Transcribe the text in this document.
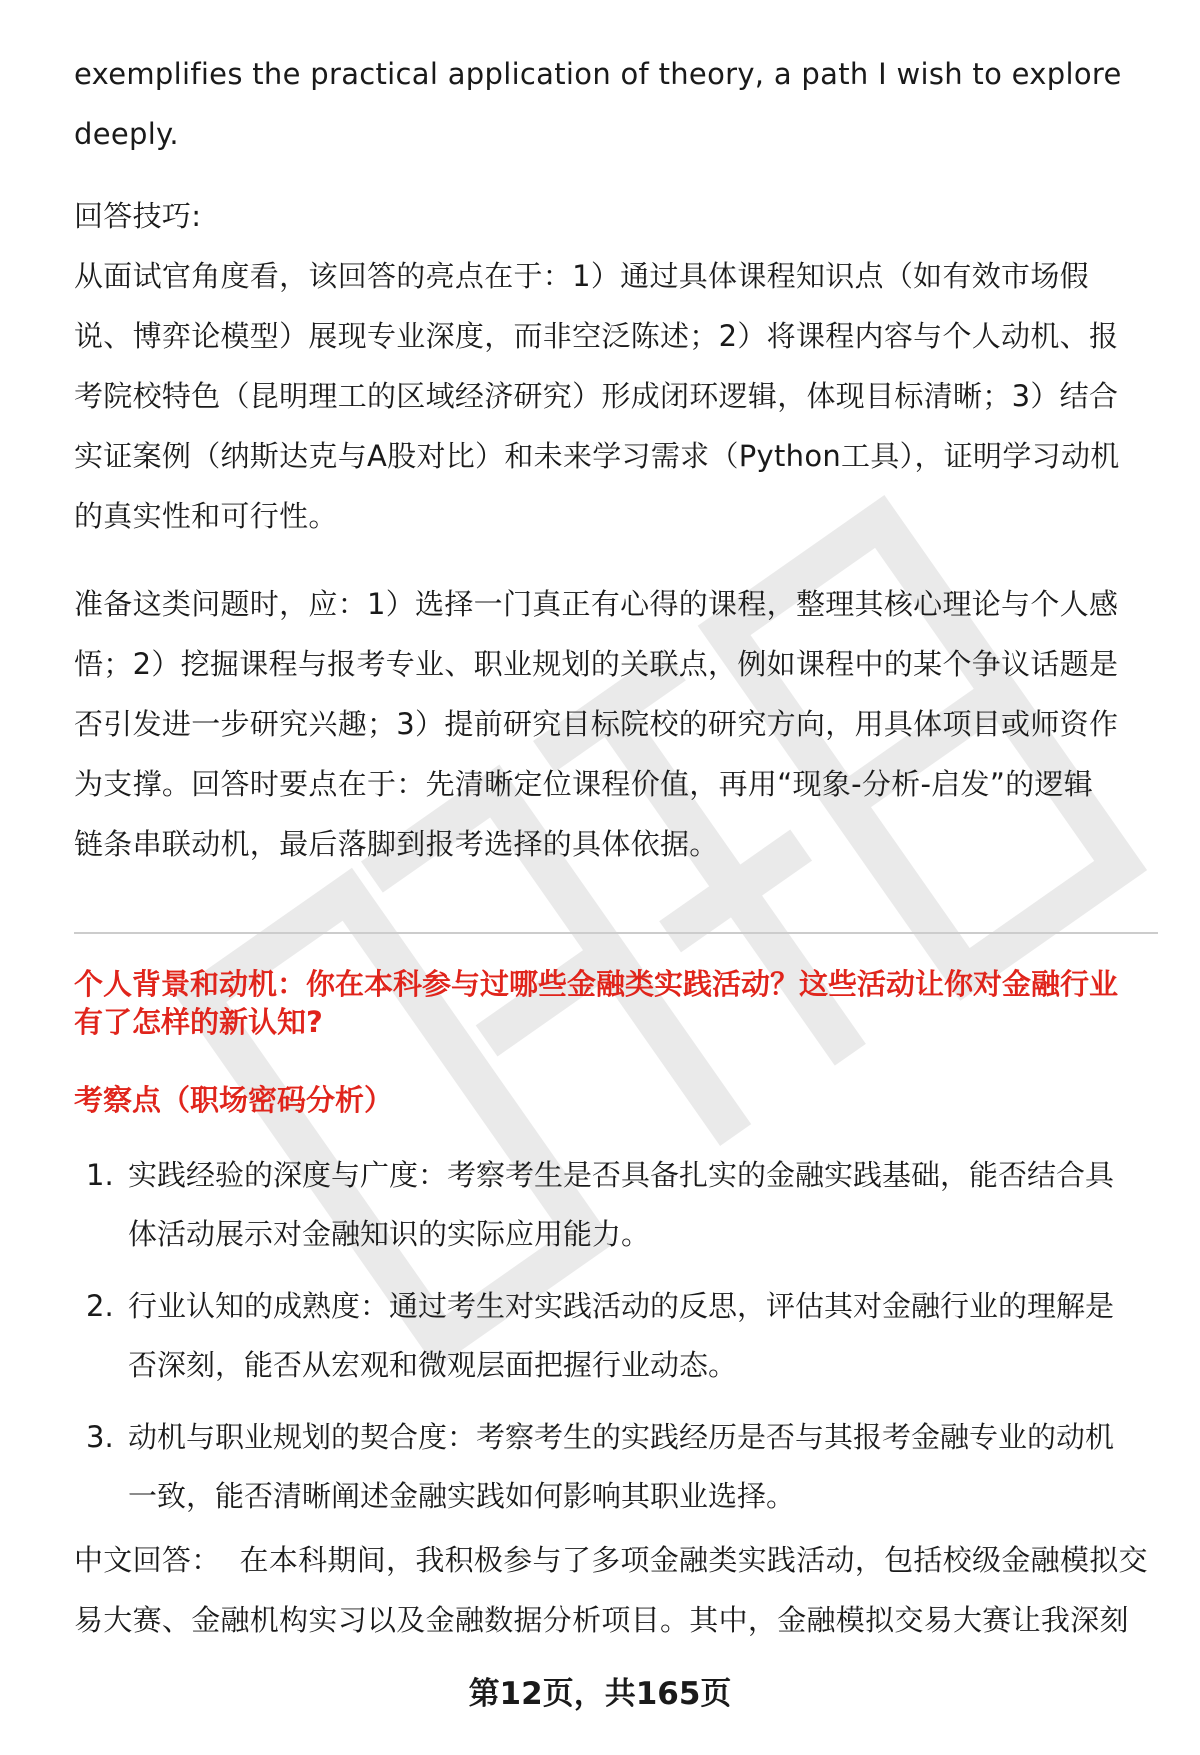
exemplifies the practical application of theory, a path I wish to explore

deeply.

回答技巧:

从面试官角度看，该回答的亮点在于：1）通过具体课程知识点（如有效市场假

说、博弈论模型）展现专业深度，而非空泛陈述；2）将课程内容与个人动机、报

考院校特色（昆明理工的区域经济研究）形成闭环逻辑，体现目标清晰；3）结合

实证案例（纳斯达克与A股对比）和未来学习需求（Python工具），证明学习动机

的真实性和可行性。

准备这类问题时，应：1）选择一门真正有心得的课程，整理其核心理论与个人感

悟；2）挖掘课程与报考专业、职业规划的关联点，例如课程中的某个争议话题是

否引发进一步研究兴趣；3）提前研究目标院校的研究方向，用具体项目或师资作

为支撑。回答时要点在于：先清晰定位课程价值，再用“现象-分析-启发”的逻辑

链条串联动机，最后落脚到报考选择的具体依据。

个人背景和动机：你在本科参与过哪些金融类实践活动？这些活动让你对金融行业
有了怎样的新认知?

考察点（职场密码分析）

1. 实践经验的深度与广度：考察考生是否具备扎实的金融实践基础，能否结合具
体活动展示对金融知识的实际应用能力。
2. 行业认知的成熟度：通过考生对实践活动的反思，评估其对金融行业的理解是
否深刻，能否从宏观和微观层面把握行业动态。
3. 动机与职业规划的契合度：考察考生的实践经历是否与其报考金融专业的动机
一致，能否清晰阐述金融实践如何影响其职业选择。

中文回答：  在本科期间，我积极参与了多项金融类实践活动，包括校级金融模拟交

易大赛、金融机构实习以及金融数据分析项目。其中，金融模拟交易大赛让我深刻

第12页，共165页
